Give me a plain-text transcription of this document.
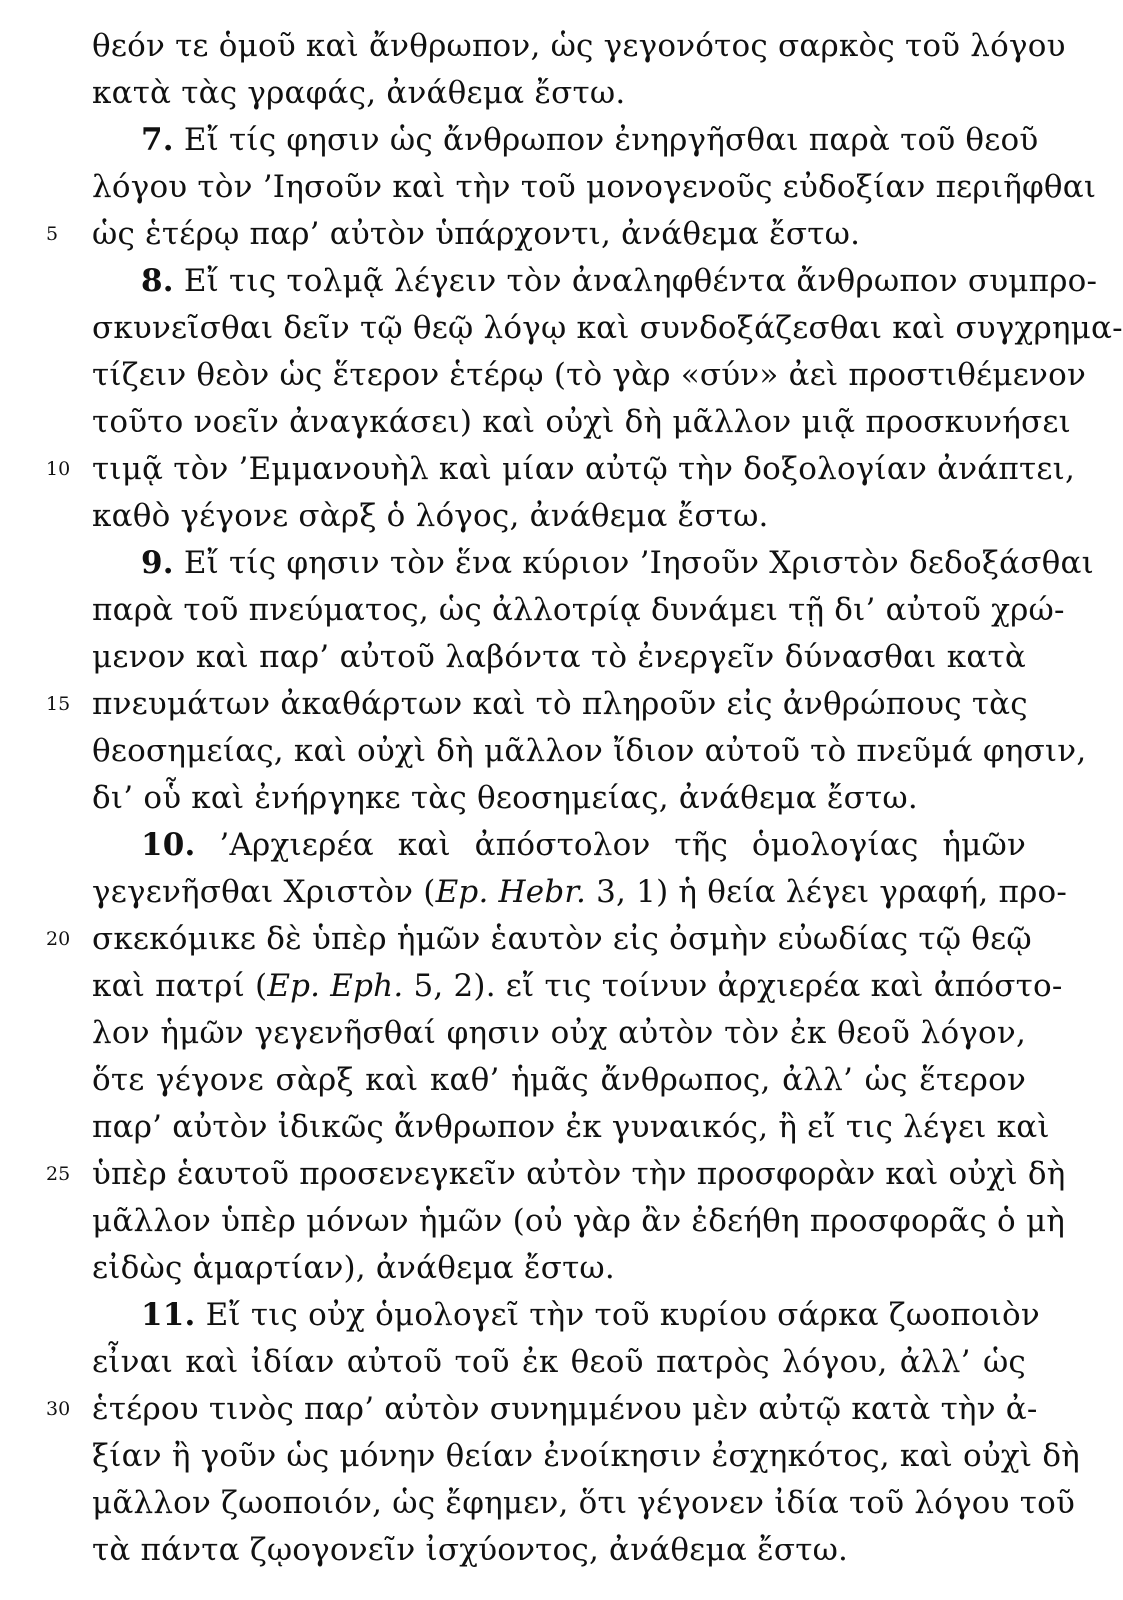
θεόν τε ὁμοῦ καὶ ἄνθρωπον, ὡς γεγονότος σαρκὸς τοῦ λόγου
κατὰ τὰς γραφάς, ἀνάθεμα ἔστω.
7. Εἴ τίς φησιν ὡς ἄνθρωπον ἐνηργῆσθαι παρὰ τοῦ θεοῦ
λόγου τὸν ’Ιησοῦν καὶ τὴν τοῦ μονογενοῦς εὐδοξίαν περιῆφθαι
5	ὡς ἑτέρῳ παρ’ αὐτὸν ὑπάρχοντι, ἀνάθεμα ἔστω.
8. Εἴ τις τολμᾷ λέγειν τὸν ἀναληφθέντα ἄνθρωπον συμπρο-
σκυνεῖσθαι δεῖν τῷ θεῷ λόγῳ καὶ συνδοξάζεσθαι καὶ συγχρημα-
τίζειν θεὸν ὡς ἕτερον ἑτέρῳ (τὸ γὰρ «σύν» ἀεὶ προστιθέμενον
τοῦτο νοεῖν ἀναγκάσει) καὶ οὐχὶ δὴ μᾶλλον μιᾷ προσκυνήσει
10 τιμᾷ τὸν ’Εμμανουὴλ καὶ μίαν αὐτῷ τὴν δοξολογίαν ἀνάπτει,
καθὸ γέγονε σὰρξ ὁ λόγος, ἀνάθεμα ἔστω.
9. Εἴ τίς φησιν τὸν ἕνα κύριον ’Ιησοῦν Χριστὸν δεδοξάσθαι
παρὰ τοῦ πνεύματος, ὡς ἀλλοτρίᾳ δυνάμει τῇ δι’ αὐτοῦ χρώ-
μενον καὶ παρ’ αὐτοῦ λαβόντα τὸ ἐνεργεῖν δύνασθαι κατὰ
15 πνευμάτων ἀκαθάρτων καὶ τὸ πληροῦν εἰς ἀνθρώπους τὰς
θεοσημείας, καὶ οὐχὶ δὴ μᾶλλον ἴδιον αὐτοῦ τὸ πνεῦμά φησιν,
δι’ οὗ καὶ ἐνήργηκε τὰς θεοσημείας, ἀνάθεμα ἔστω.
10. ’Αρχιερέα καὶ ἀπόστολον τῆς ὁμολογίας ἡμῶν
γεγενῆσθαι Χριστὸν (Ep. Hebr. 3, 1) ἡ θεία λέγει γραφή, προ-
20 σκεκόμικε δὲ ὑπὲρ ἡμῶν ἑαυτὸν εἰς ὀσμὴν εὐωδίας τῷ θεῷ
καὶ πατρί (Ep. Eph. 5, 2). εἴ τις τοίνυν ἀρχιερέα καὶ ἀπόστο-
λον ἡμῶν γεγενῆσθαί φησιν οὐχ αὐτὸν τὸν ἐκ θεοῦ λόγον,
ὅτε γέγονε σὰρξ καὶ καθ’ ἡμᾶς ἄνθρωπος, ἀλλ’ ὡς ἕτερον
παρ’ αὐτὸν ἰδικῶς ἄνθρωπον ἐκ γυναικός, ἢ εἴ τις λέγει καὶ
25 ὑπὲρ ἑαυτοῦ προσενεγκεῖν αὐτὸν τὴν προσφορὰν καὶ οὐχὶ δὴ
μᾶλλον ὑπὲρ μόνων ἡμῶν (οὐ γὰρ ἂν ἐδεήθη προσφορᾶς ὁ μὴ
εἰδὼς ἁμαρτίαν), ἀνάθεμα ἔστω.
11. Εἴ τις οὐχ ὁμολογεῖ τὴν τοῦ κυρίου σάρκα ζωοποιὸν
εἶναι καὶ ἰδίαν αὐτοῦ τοῦ ἐκ θεοῦ πατρὸς λόγου, ἀλλ’ ὡς
30 ἑτέρου τινὸς παρ’ αὐτὸν συνημμένου μὲν αὐτῷ κατὰ τὴν ἀ-
ξίαν ἢ γοῦν ὡς μόνην θείαν ἐνοίκησιν ἐσχηκότος, καὶ οὐχὶ δὴ
μᾶλλον ζωοποιόν, ὡς ἔφημεν, ὅτι γέγονεν ἰδία τοῦ λόγου τοῦ
τὰ πάντα ζῳογονεῖν ἰσχύοντος, ἀνάθεμα ἔστω.
